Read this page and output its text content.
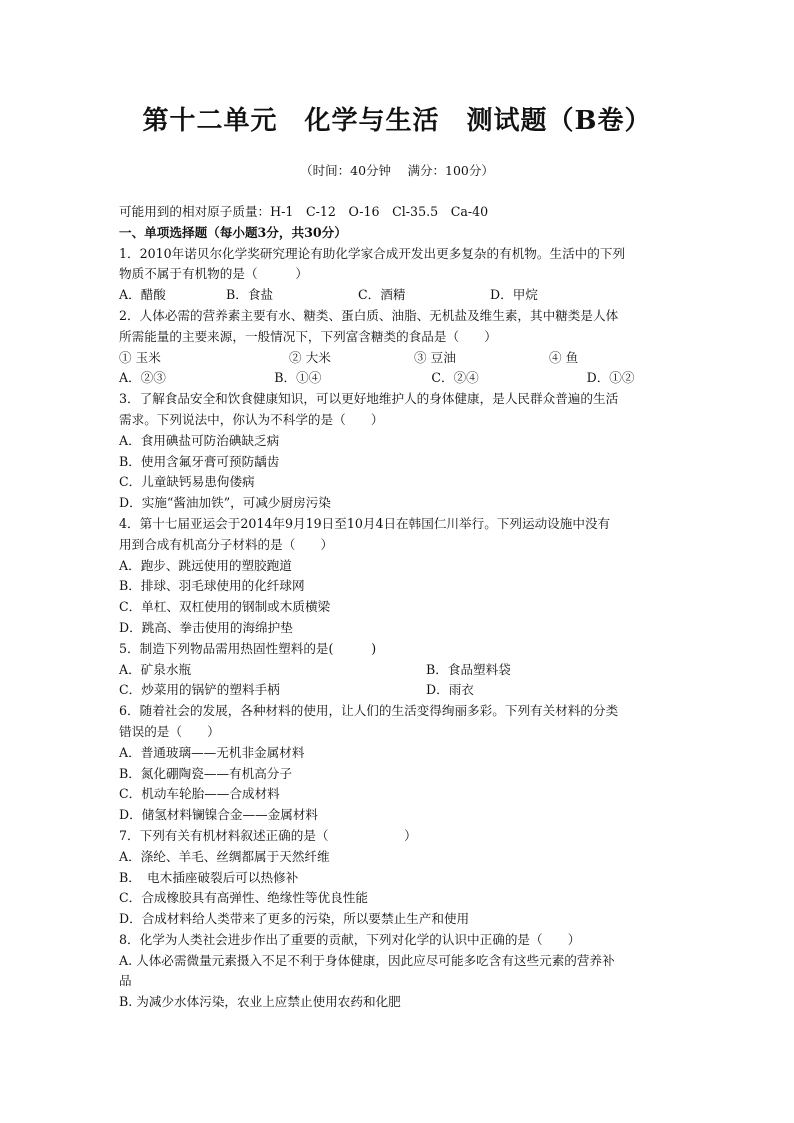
第十二单元　化学与生活　测试题（B卷）
（时间：40分钟　 满分：100分）
可能用到的相对原子质量：H-1　C-12　O-16　Cl-35.5　Ca-40
一、单项选择题（每小题3分，共30分）
1．2010年诺贝尔化学奖研究理论有助化学家合成开发出更多复杂的有机物。生活中的下列
物质不属于有机物的是（　　　）
A．醋酸	B．食盐	C．酒精	D．甲烷
2．人体必需的营养素主要有水、糖类、蛋白质、油脂、无机盐及维生素，其中糖类是人体
所需能量的主要来源，一般情况下，下列富含糖类的食品是（　　）
① 玉米	② 大米	③ 豆油	④ 鱼
A．②③	B．①④	C．②④	D．①②
3．了解食品安全和饮食健康知识，可以更好地维护人的身体健康，是人民群众普遍的生活
需求。下列说法中，你认为不科学的是（　　）
A．食用碘盐可防治碘缺乏病
B．使用含氟牙膏可预防龋齿
C．儿童缺钙易患佝偻病
D．实施“酱油加铁”，可减少厨房污染
4．第十七届亚运会于2014年9月19日至10月4日在韩国仁川举行。下列运动设施中没有
用到合成有机高分子材料的是（　　）
A．跑步、跳远使用的塑胶跑道
B．排球、羽毛球使用的化纤球网
C．单杠、双杠使用的钢制或木质横梁
D．跳高、拳击使用的海绵护垫
5．制造下列物品需用热固性塑料的是(　　　)
A．矿泉水瓶	B．食品塑料袋
C．炒菜用的锅铲的塑料手柄	D．雨衣
6．随着社会的发展，各种材料的使用，让人们的生活变得绚丽多彩。下列有关材料的分类
错误的是（　　）
A．普通玻璃——无机非金属材料
B．氮化硼陶瓷——有机高分子
C．机动车轮胎——合成材料
D．储氢材料镧镍合金——金属材料
7．下列有关有机材料叙述正确的是（　　　　　　）
A．涤纶、羊毛、丝绸都属于天然纤维
B．　电木插座破裂后可以热修补
C．合成橡胶具有高弹性、绝缘性等优良性能
D．合成材料给人类带来了更多的污染，所以要禁止生产和使用
8．化学为人类社会进步作出了重要的贡献，下列对化学的认识中正确的是（　　）
A. 人体必需微量元素摄入不足不利于身体健康，因此应尽可能多吃含有这些元素的营养补
品
B. 为减少水体污染，农业上应禁止使用农药和化肥
